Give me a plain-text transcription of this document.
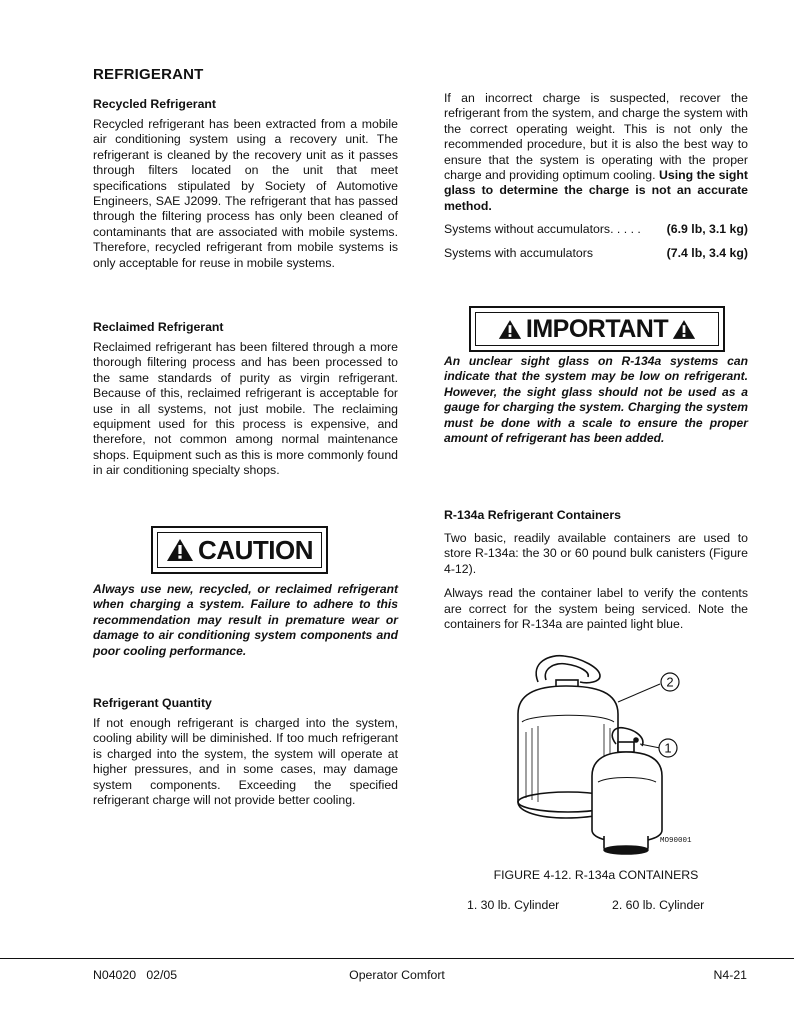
REFRIGERANT
Recycled Refrigerant

Recycled refrigerant has been extracted from a mobile air conditioning system using a recovery unit. The refrigerant is cleaned by the recovery unit as it passes through filters located on the unit that meet specifications stipulated by Society of Automotive Engineers, SAE J2099. The refrigerant that has passed through the filtering process has only been cleaned of contaminants that are associated with mobile systems. Therefore, recycled refrigerant from mobile systems is only acceptable for reuse in mobile systems.

Reclaimed Refrigerant

Reclaimed refrigerant has been filtered through a more thorough filtering process and has been processed to the same standards of purity as virgin refrigerant. Because of this, reclaimed refrigerant is acceptable for use in all systems, not just mobile. The reclaiming equipment used for this process is expensive, and therefore, not common among normal maintenance shops. Equipment such as this is more commonly found in air conditioning specialty shops.

CAUTION

Always use new, recycled, or reclaimed refrigerant when charging a system. Failure to adhere to this recommendation may result in premature wear or damage to air conditioning system components and poor cooling performance.

Refrigerant Quantity

If not enough refrigerant is charged into the system, cooling ability will be diminished. If too much refrigerant is charged into the system, the system will operate at higher pressures, and in some cases, may damage system components. Exceeding the specified refrigerant charge will not provide better cooling.

If an incorrect charge is suspected, recover the refrigerant from the system, and charge the system with the correct operating weight. This is not only the recommended procedure, but it is also the best way to ensure that the system is operating with the proper charge and providing optimum cooling. Using the sight glass to determine the charge is not an accurate method.

Systems without accumulators. . . . . (6.9 lb, 3.1 kg)
Systems with accumulators	(7.4 lb, 3.4 kg)
IMPORTANT

An unclear sight glass on R-134a systems can indicate that the system may be low on refrigerant. However, the sight glass should not be used as a gauge for charging the system. Charging the system must be done with a scale to ensure the proper amount of refrigerant has been added.

R-134a Refrigerant Containers

Two basic, readily available containers are used to store R-134a: the 30 or 60 pound bulk canisters (Figure 4-12).

Always read the container label to verify the contents are correct for the system being serviced. Note the containers for R-134a are painted light blue.

2
1
MO90001
FIGURE 4-12. R-134a CONTAINERS
1. 30 lb. Cylinder	2. 60 lb. Cylinder
N04020   02/05	Operator Comfort	N4-21
